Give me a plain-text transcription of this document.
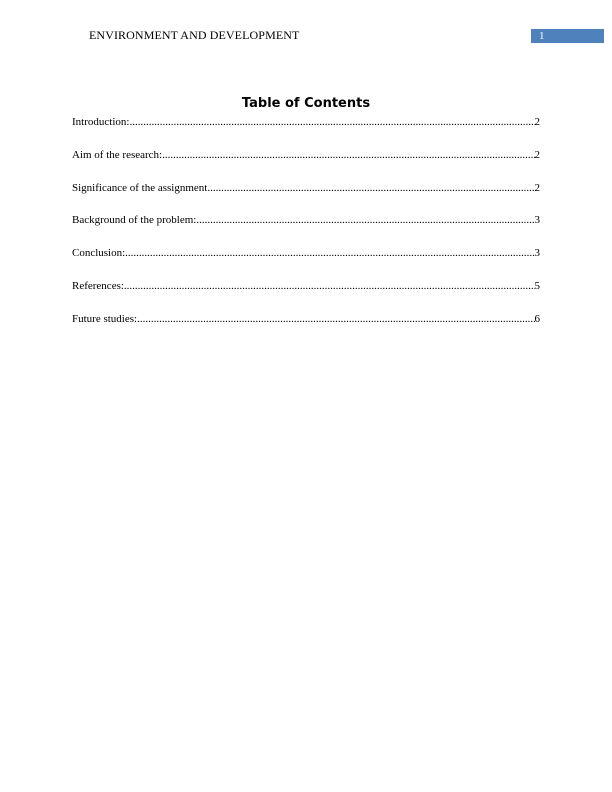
ENVIRONMENT AND DEVELOPMENT	1
Table of Contents
Introduction: .....	2
Aim of the research: .....	2
Significance of the assignment .....	2
Background of the problem: .....	3
Conclusion: .....	3
References: .....	5
Future studies: .....	6
